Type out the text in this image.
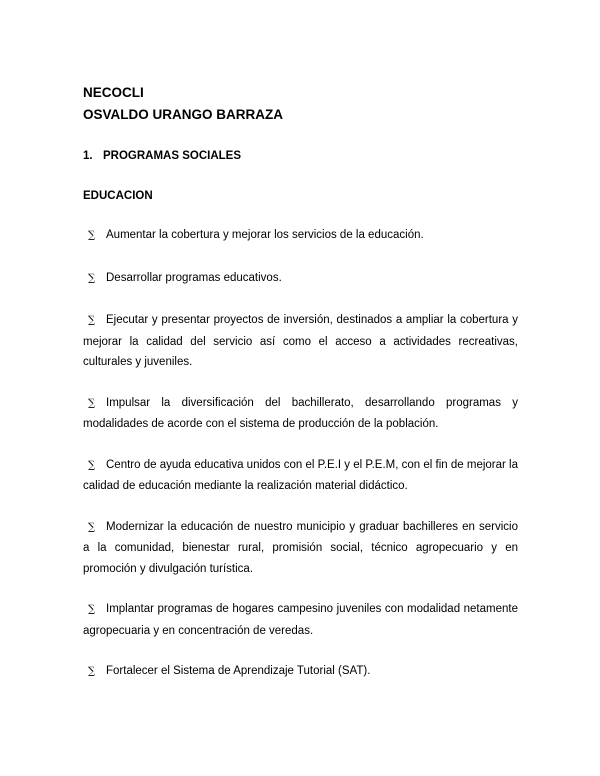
NECOCLI

OSVALDO URANGO BARRAZA

1. PROGRAMAS SOCIALES

EDUCACION

∑ Aumentar la cobertura y mejorar los servicios de la educación.
∑ Desarrollar programas educativos.
∑ Ejecutar y presentar proyectos de inversión, destinados a ampliar la cobertura y mejorar la calidad del servicio así como el acceso a actividades recreativas, culturales y juveniles.
∑ Impulsar la diversificación del bachillerato, desarrollando programas y modalidades de acorde con el sistema de producción de la población.
∑ Centro de ayuda educativa unidos con el P.E.I y el P.E.M, con el fin de mejorar la calidad de educación mediante la realización material didáctico.
∑ Modernizar la educación de nuestro municipio y graduar bachilleres en servicio a la comunidad, bienestar rural, promisión social, técnico agropecuario y en promoción y divulgación turística.
∑ Implantar programas de hogares campesino juveniles con modalidad netamente agropecuaria y en concentración de veredas.
∑ Fortalecer el Sistema de Aprendizaje Tutorial (SAT).
